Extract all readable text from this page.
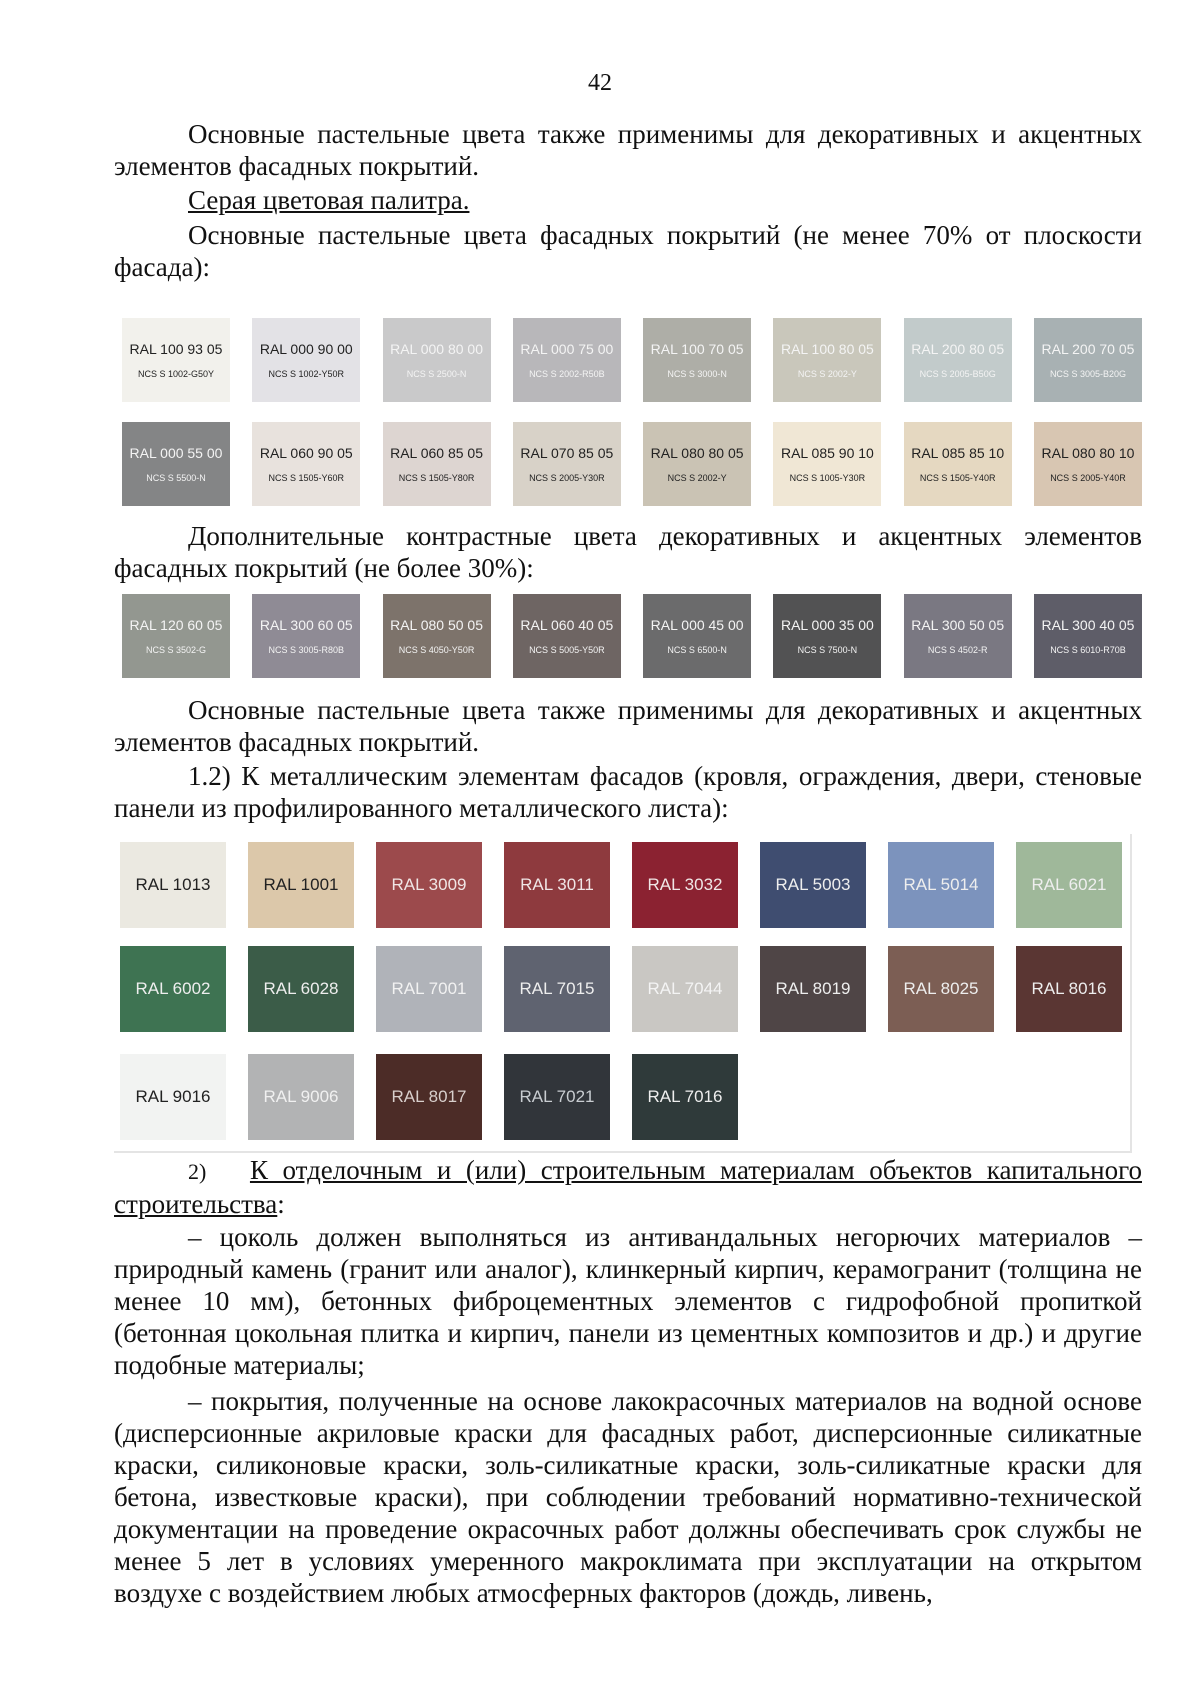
42
Основные пастельные цвета также применимы для декоративных и акцентных элементов фасадных покрытий.
Серая цветовая палитра.
Основные пастельные цвета фасадных покрытий (не менее 70% от плоскости фасада):
RAL 100 93 05
NCS S 1002-G50Y
RAL 000 90 00
NCS S 1002-Y50R
RAL 000 80 00
NCS S 2500-N
RAL 000 75 00
NCS S 2002-R50B
RAL 100 70 05
NCS S 3000-N
RAL 100 80 05
NCS S 2002-Y
RAL 200 80 05
NCS S 2005-B50G
RAL 200 70 05
NCS S 3005-B20G
RAL 000 55 00
NCS S 5500-N
RAL 060 90 05
NCS S 1505-Y60R
RAL 060 85 05
NCS S 1505-Y80R
RAL 070 85 05
NCS S 2005-Y30R
RAL 080 80 05
NCS S 2002-Y
RAL 085 90 10
NCS S 1005-Y30R
RAL 085 85 10
NCS S 1505-Y40R
RAL 080 80 10
NCS S 2005-Y40R
Дополнительные контрастные цвета декоративных и акцентных элементов фасадных покрытий (не более 30%):
RAL 120 60 05
NCS S 3502-G
RAL 300 60 05
NCS S 3005-R80B
RAL 080 50 05
NCS S 4050-Y50R
RAL 060 40 05
NCS S 5005-Y50R
RAL 000 45 00
NCS S 6500-N
RAL 000 35 00
NCS S 7500-N
RAL 300 50 05
NCS S 4502-R
RAL 300 40 05
NCS S 6010-R70B
Основные пастельные цвета также применимы для декоративных и акцентных элементов фасадных покрытий.
1.2) К металлическим элементам фасадов (кровля, ограждения, двери, стеновые панели из профилированного металлического листа):
RAL 1013	RAL 1001	RAL 3009	RAL 3011	RAL 3032	RAL 5003	RAL 5014	RAL 6021
RAL 6002	RAL 6028	RAL 7001	RAL 7015	RAL 7044	RAL 8019	RAL 8025	RAL 8016
RAL 9016	RAL 9006	RAL 8017	RAL 7021	RAL 7016
2) К отделочным и (или) строительным материалам объектов капитального строительства:
– цоколь должен выполняться из антивандальных негорючих материалов – природный камень (гранит или аналог), клинкерный кирпич, керамогранит (толщина не менее 10 мм), бетонных фиброцементных элементов с гидрофобной пропиткой (бетонная цокольная плитка и кирпич, панели из цементных композитов и др.) и другие подобные материалы;
– покрытия, полученные на основе лакокрасочных материалов на водной основе (дисперсионные акриловые краски для фасадных работ, дисперсионные силикатные краски, силиконовые краски, золь-силикатные краски, золь-силикатные краски для бетона, известковые краски), при соблюдении требований нормативно-технической документации на проведение окрасочных работ должны обеспечивать срок службы не менее 5 лет в условиях умеренного макроклимата при эксплуатации на открытом воздухе с воздействием любых атмосферных факторов (дождь, ливень,
